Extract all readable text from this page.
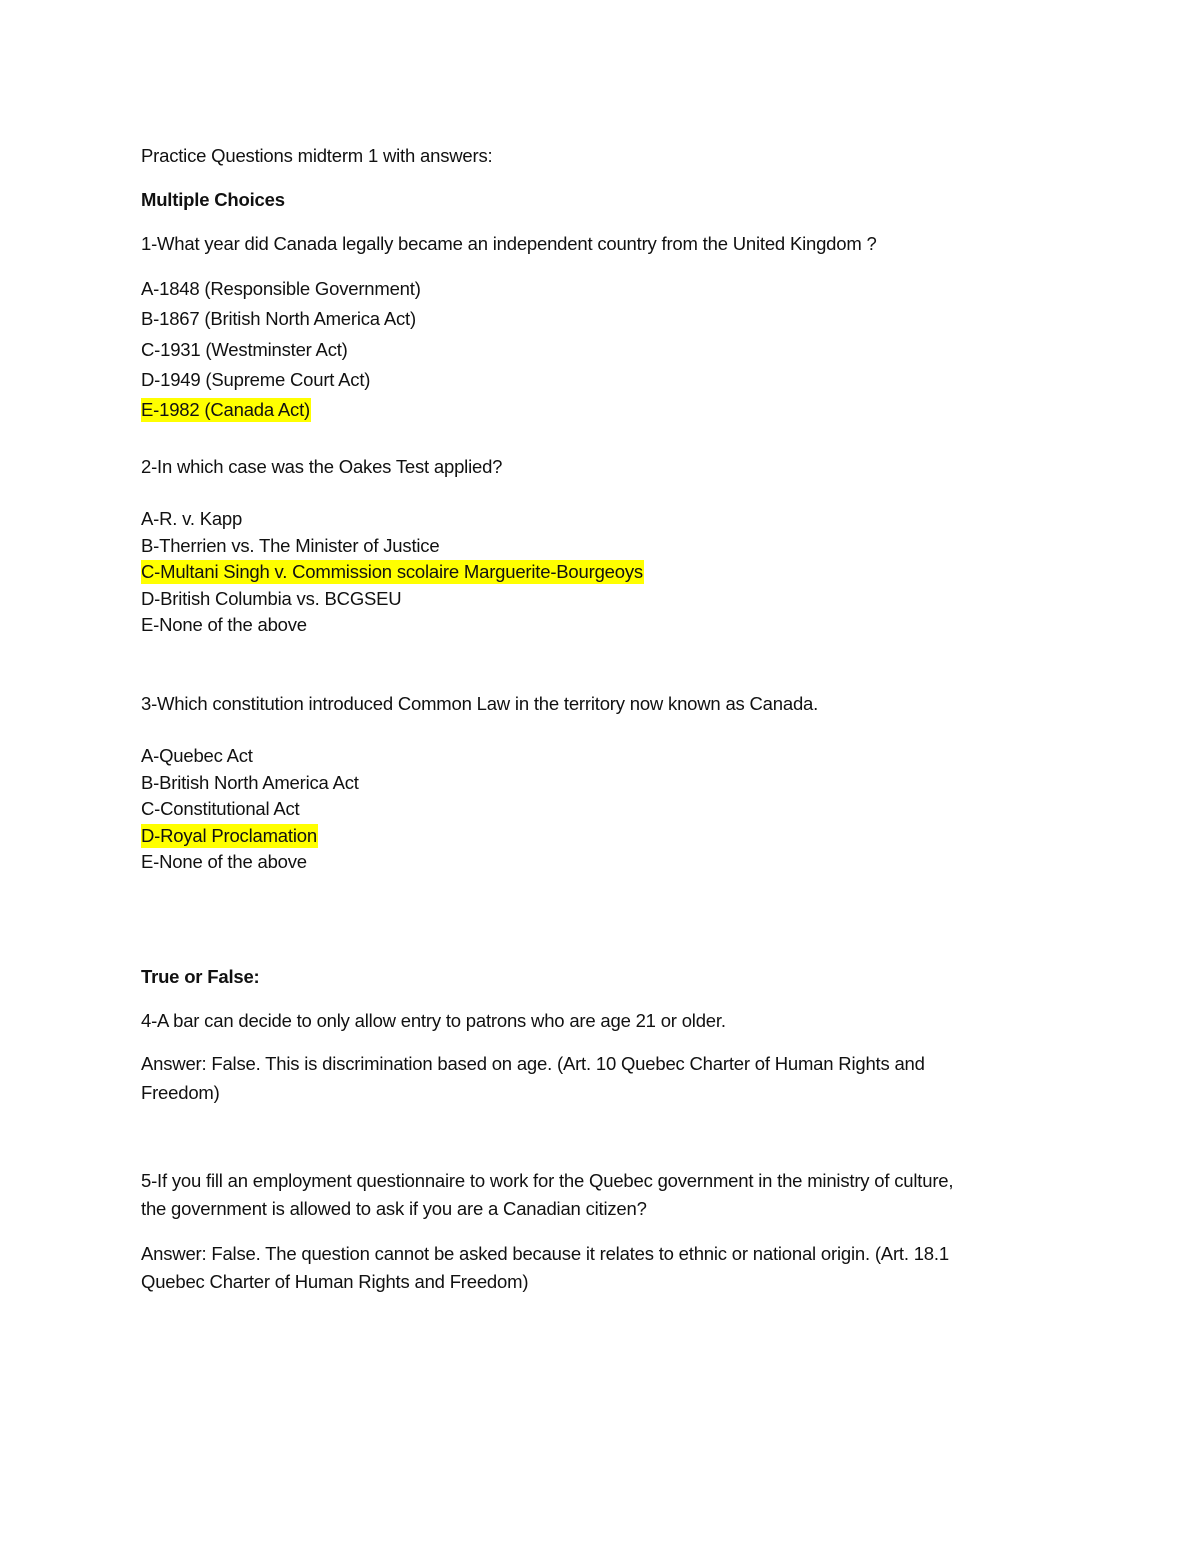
Practice Questions midterm 1 with answers:
Multiple Choices
1-What year did Canada legally became an independent country from the United Kingdom ?
A-1848 (Responsible Government)
B-1867 (British North America Act)
C-1931 (Westminster Act)
D-1949 (Supreme Court Act)
E-1982 (Canada Act)
2-In which case was the Oakes Test applied?
A-R. v. Kapp
B-Therrien vs. The Minister of Justice
C-Multani Singh v. Commission scolaire Marguerite-Bourgeoys
D-British Columbia vs. BCGSEU
E-None of the above
3-Which constitution introduced Common Law in the territory now known as Canada.
A-Quebec Act
B-British North America Act
C-Constitutional Act
D-Royal Proclamation
E-None of the above
True or False:
4-A bar can decide to only allow entry to patrons who are age 21 or older.
Answer: False. This is discrimination based on age. (Art. 10 Quebec Charter of Human Rights and
Freedom)
5-If you fill an employment questionnaire to work for the Quebec government in the ministry of culture,
the government is allowed to ask if you are a Canadian citizen?
Answer: False. The question cannot be asked because it relates to ethnic or national origin. (Art. 18.1
Quebec Charter of Human Rights and Freedom)
